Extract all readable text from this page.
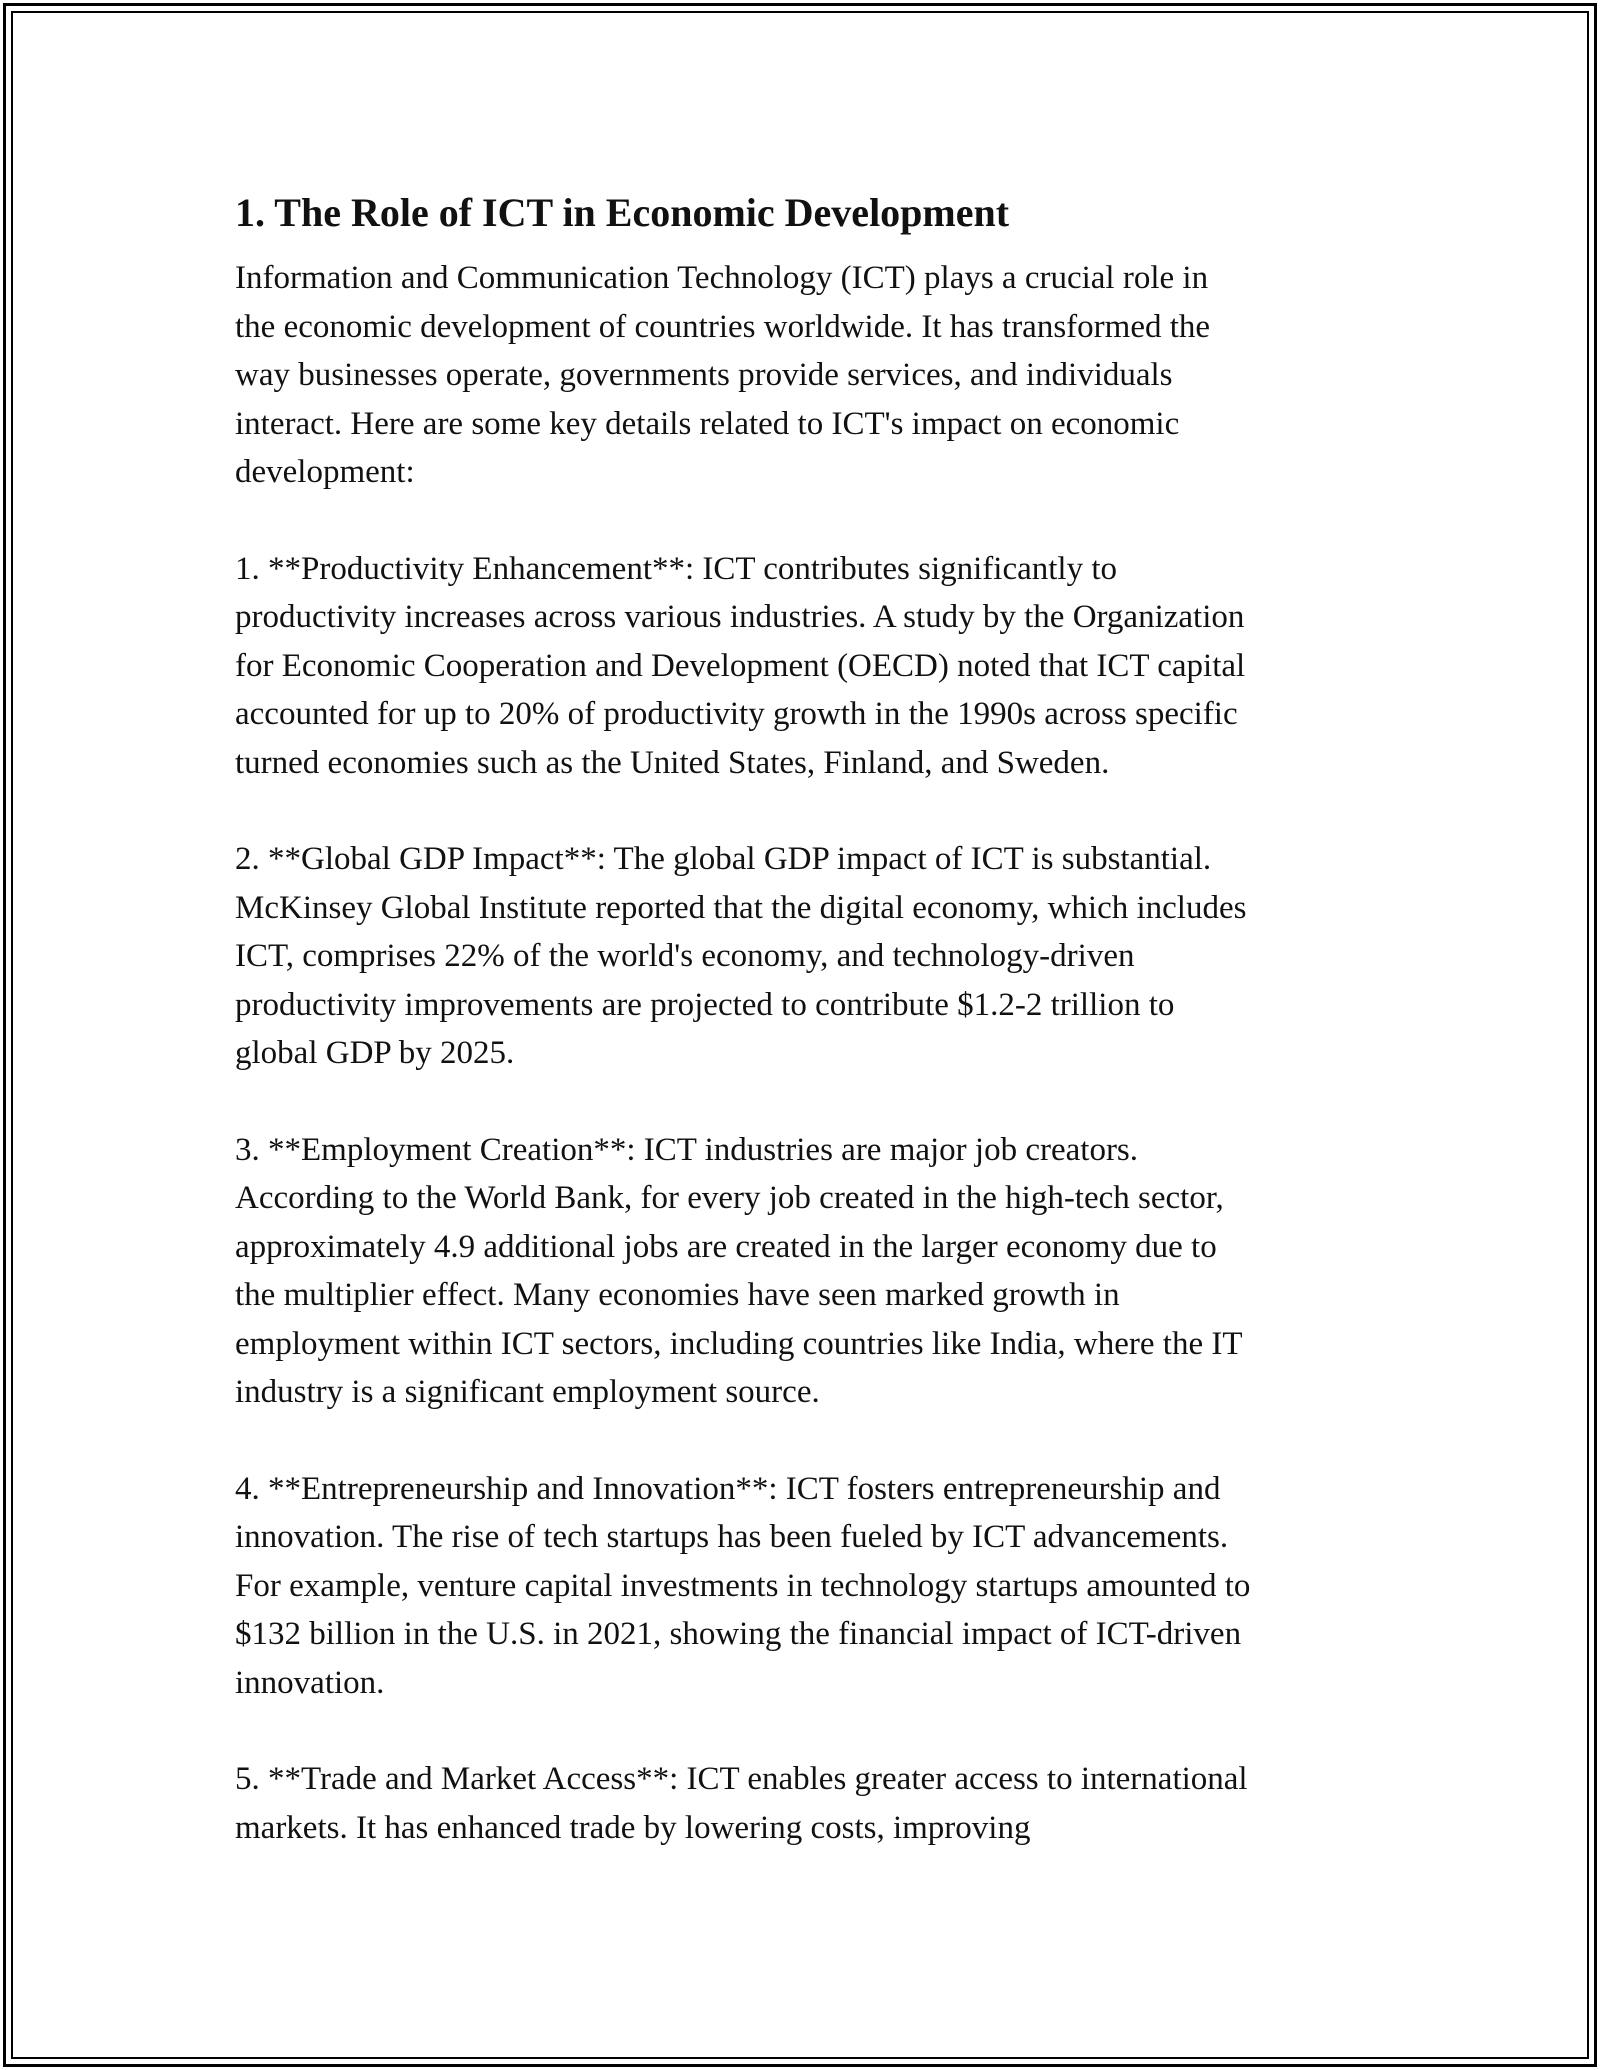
1. The Role of ICT in Economic Development

Information and Communication Technology (ICT) plays a crucial role in
the economic development of countries worldwide. It has transformed the
way businesses operate, governments provide services, and individuals
interact. Here are some key details related to ICT's impact on economic
development:

1. **Productivity Enhancement**: ICT contributes significantly to
productivity increases across various industries. A study by the Organization
for Economic Cooperation and Development (OECD) noted that ICT capital
accounted for up to 20% of productivity growth in the 1990s across specific
turned economies such as the United States, Finland, and Sweden.

2. **Global GDP Impact**: The global GDP impact of ICT is substantial.
McKinsey Global Institute reported that the digital economy, which includes
ICT, comprises 22% of the world's economy, and technology-driven
productivity improvements are projected to contribute $1.2-2 trillion to
global GDP by 2025.

3. **Employment Creation**: ICT industries are major job creators.
According to the World Bank, for every job created in the high-tech sector,
approximately 4.9 additional jobs are created in the larger economy due to
the multiplier effect. Many economies have seen marked growth in
employment within ICT sectors, including countries like India, where the IT
industry is a significant employment source.

4. **Entrepreneurship and Innovation**: ICT fosters entrepreneurship and
innovation. The rise of tech startups has been fueled by ICT advancements.
For example, venture capital investments in technology startups amounted to
$132 billion in the U.S. in 2021, showing the financial impact of ICT-driven
innovation.

5. **Trade and Market Access**: ICT enables greater access to international
markets. It has enhanced trade by lowering costs, improving
